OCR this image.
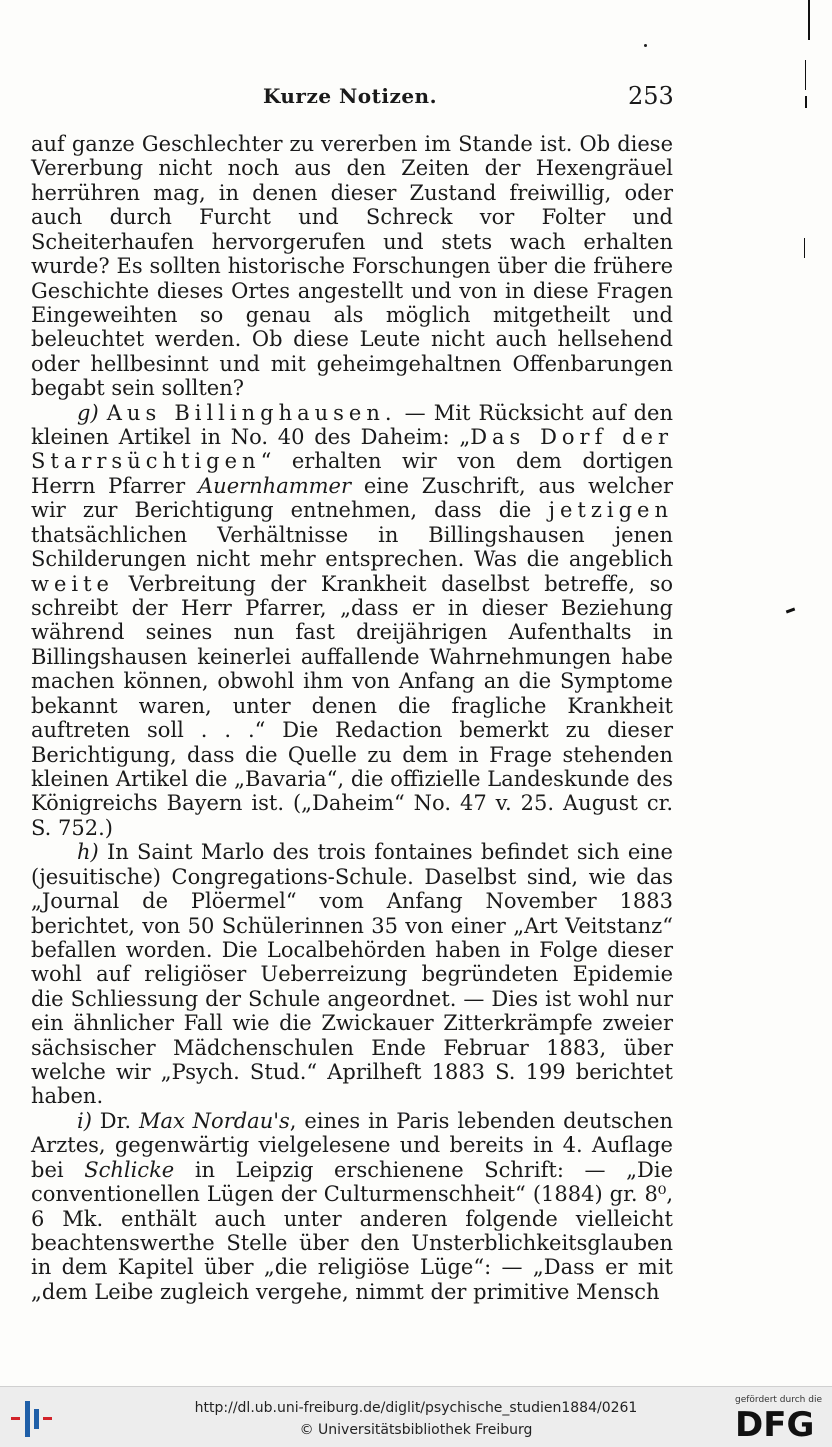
Kurze Notizen.	253

auf ganze Geschlechter zu vererben im Stande ist. Ob diese Vererbung nicht noch aus den Zeiten der Hexengräuel herrühren mag, in denen dieser Zustand freiwillig, oder auch durch Furcht und Schreck vor Folter und Scheiterhaufen hervorgerufen und stets wach erhalten wurde? Es sollten historische Forschungen über die frühere Geschichte dieses Ortes angestellt und von in diese Fragen Eingeweihten so genau als möglich mitgetheilt und beleuchtet werden. Ob diese Leute nicht auch hellsehend oder hellbesinnt und mit geheimgehaltnen Offenbarungen begabt sein sollten?

g) Aus Billinghausen. — Mit Rücksicht auf den kleinen Artikel in No. 40 des Daheim: „Das Dorf der Starrsüchtigen“ erhalten wir von dem dortigen Herrn Pfarrer Auernhammer eine Zuschrift, aus welcher wir zur Berichtigung entnehmen, dass die jetzigen thatsächlichen Verhältnisse in Billingshausen jenen Schilderungen nicht mehr entsprechen. Was die angeblich weite Verbreitung der Krankheit daselbst betreffe, so schreibt der Herr Pfarrer, „dass er in dieser Beziehung während seines nun fast dreijährigen Aufenthalts in Billingshausen keinerlei auffallende Wahrnehmungen habe machen können, obwohl ihm von Anfang an die Symptome bekannt waren, unter denen die fragliche Krankheit auftreten soll . . .“ Die Redaction bemerkt zu dieser Berichtigung, dass die Quelle zu dem in Frage stehenden kleinen Artikel die „Bavaria“, die offizielle Landeskunde des Königreichs Bayern ist. („Daheim“ No. 47 v. 25. August cr. S. 752.)

h) In Saint Marlo des trois fontaines befindet sich eine (jesuitische) Congregations-Schule. Daselbst sind, wie das „Journal de Plöermel“ vom Anfang November 1883 berichtet, von 50 Schülerinnen 35 von einer „Art Veitstanz“ befallen worden. Die Localbehörden haben in Folge dieser wohl auf religiöser Ueberreizung begründeten Epidemie die Schliessung der Schule angeordnet. — Dies ist wohl nur ein ähnlicher Fall wie die Zwickauer Zitterkrämpfe zweier sächsischer Mädchenschulen Ende Februar 1883, über welche wir „Psych. Stud.“ Aprilheft 1883 S. 199 berichtet haben.

i) Dr. Max Nordau's, eines in Paris lebenden deutschen Arztes, gegenwärtig vielgelesene und bereits in 4. Auflage bei Schlicke in Leipzig erschienene Schrift: — „Die conventionellen Lügen der Culturmenschheit“ (1884) gr. 8⁰, 6 Mk. enthält auch unter anderen folgende vielleicht beachtenswerthe Stelle über den Unsterblichkeitsglauben in dem Kapitel über „die religiöse Lüge“: — „Dass er mit „dem Leibe zugleich vergehe, nimmt der primitive Mensch

http://dl.ub.uni-freiburg.de/diglit/psychische_studien1884/0261
© Universitätsbibliothek Freiburg
gefördert durch die
DFG
